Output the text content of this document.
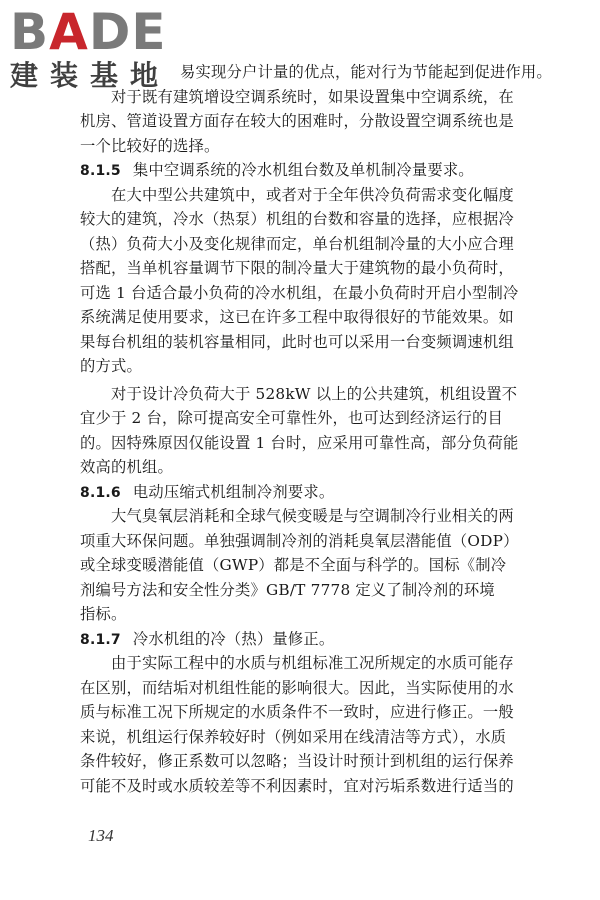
BADE
建装基地 易实现分户计量的优点，能对行为节能起到促进作用。
对于既有建筑增设空调系统时，如果设置集中空调系统，在
机房、管道设置方面存在较大的困难时，分散设置空调系统也是
一个比较好的选择。
8.1.5 集中空调系统的冷水机组台数及单机制冷量要求。
在大中型公共建筑中，或者对于全年供冷负荷需求变化幅度
较大的建筑，冷水（热泵）机组的台数和容量的选择，应根据冷
（热）负荷大小及变化规律而定，单台机组制冷量的大小应合理
搭配，当单机容量调节下限的制冷量大于建筑物的最小负荷时，
可选 1 台适合最小负荷的冷水机组，在最小负荷时开启小型制冷
系统满足使用要求，这已在许多工程中取得很好的节能效果。如
果每台机组的装机容量相同，此时也可以采用一台变频调速机组
的方式。
对于设计冷负荷大于 528kW 以上的公共建筑，机组设置不
宜少于 2 台，除可提高安全可靠性外，也可达到经济运行的目
的。因特殊原因仅能设置 1 台时，应采用可靠性高，部分负荷能
效高的机组。
8.1.6 电动压缩式机组制冷剂要求。
大气臭氧层消耗和全球气候变暖是与空调制冷行业相关的两
项重大环保问题。单独强调制冷剂的消耗臭氧层潜能值（ODP）
或全球变暖潜能值（GWP）都是不全面与科学的。国标《制冷
剂编号方法和安全性分类》GB/T 7778 定义了制冷剂的环境
指标。
8.1.7 冷水机组的冷（热）量修正。
由于实际工程中的水质与机组标准工况所规定的水质可能存
在区别，而结垢对机组性能的影响很大。因此，当实际使用的水
质与标准工况下所规定的水质条件不一致时，应进行修正。一般
来说，机组运行保养较好时（例如采用在线清洁等方式），水质
条件较好，修正系数可以忽略；当设计时预计到机组的运行保养
可能不及时或水质较差等不利因素时，宜对污垢系数进行适当的
134
